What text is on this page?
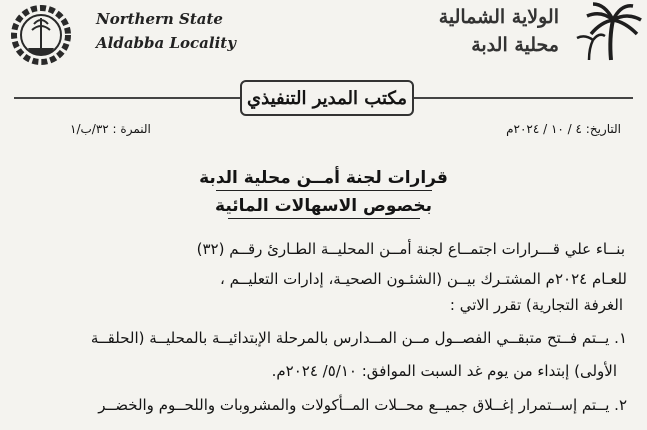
Northern State
Aldabba Locality
الولاية الشمالية
محلية الدبة
مكتب المدير التنفيذي
التاريخ: ٤ / ١٠ / ٢٠٢٤م
النمرة : ٣٢/ب/١
قرارات لجنة أمــن محلية الدبة
بخصوص الاسهالات المائية
بنــاء علي قـــرارات اجتمــاع لجنة أمــن المحليــة الطـارئ رقــم (٣٢)
للعـام ٢٠٢٤م المشتـرك بيــن (الشئـون الصحيـة، إدارات التعليــم ،
الغرفة التجارية) تقرر الاتي :
١. يــتم فــتح متبقــي الفصــول مــن المــدارس بالمرحلة الإبتدائيــة بالمحليــة (الحلقــة
الأولى) إبتداء من يوم غد السبت الموافق: ٥/١٠/ ٢٠٢٤م.
٢. يــتم إســتمرار إغــلاق جميــع محــلات المــأكولات والمشروبات واللحــوم والخضــر
